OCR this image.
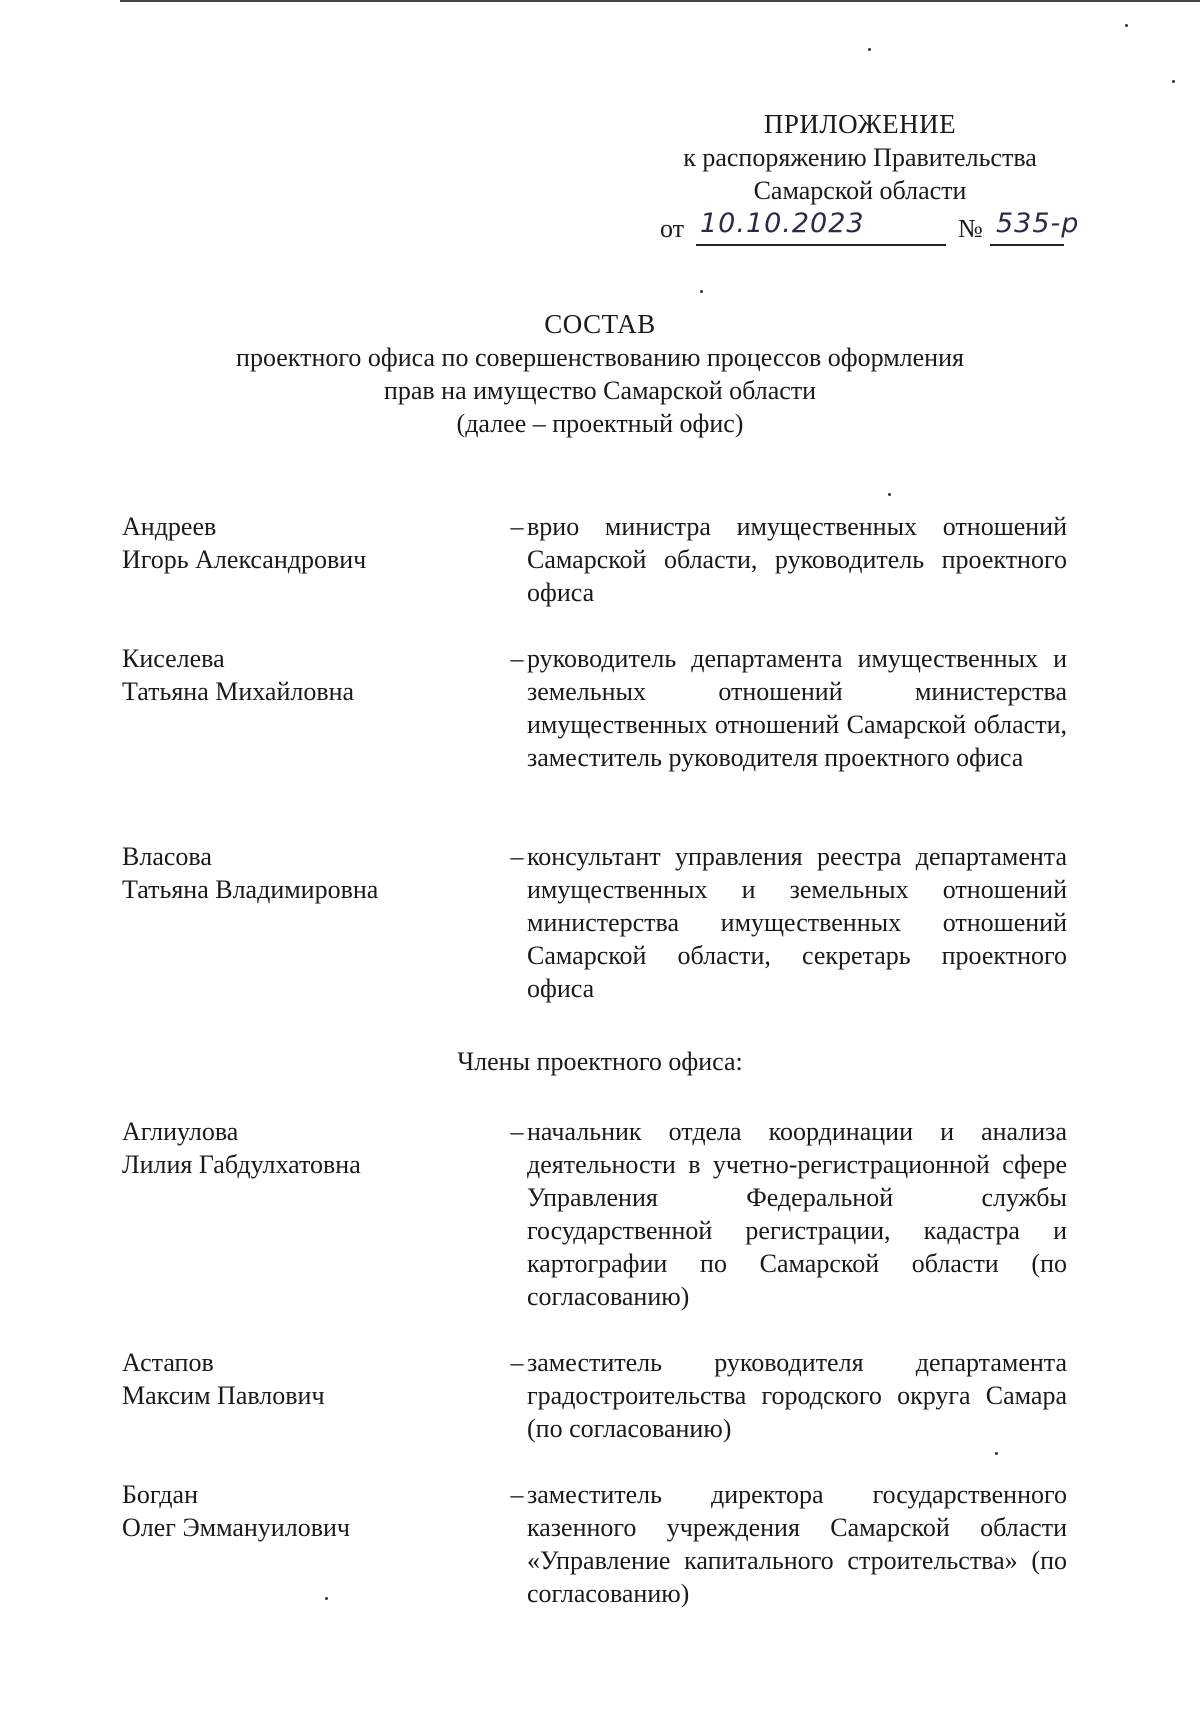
ПРИЛОЖЕНИЕ
к распоряжению Правительства
Самарской области
от 10.10.2023	№ 535-р
СОСТАВ
проектного офиса по совершенствованию процессов оформления
прав на имущество Самарской области
(далее – проектный офис)
Андреев
Игорь Александрович
– врио министра имущественных отношений Самарской области, руководитель проектного офиса
Киселева
Татьяна Михайловна
– руководитель департамента имущественных и земельных отношений министерства имущественных отношений Самарской области, заместитель руководителя проектного офиса
Власова
Татьяна Владимировна
– консультант управления реестра департамента имущественных и земельных отношений министерства имущественных отношений Самарской области, секретарь проектного офиса
Члены проектного офиса:
Аглиулова
Лилия Габдулхатовна
– начальник отдела координации и анализа деятельности в учетно-регистрационной сфере Управления Федеральной службы государственной регистрации, кадастра и картографии по Самарской области (по согласованию)
Астапов
Максим Павлович
– заместитель руководителя департамента градостроительства городского округа Самара (по согласованию)
Богдан
Олег Эммануилович
– заместитель директора государственного казенного учреждения Самарской области «Управление капитального строительства» (по согласованию)
